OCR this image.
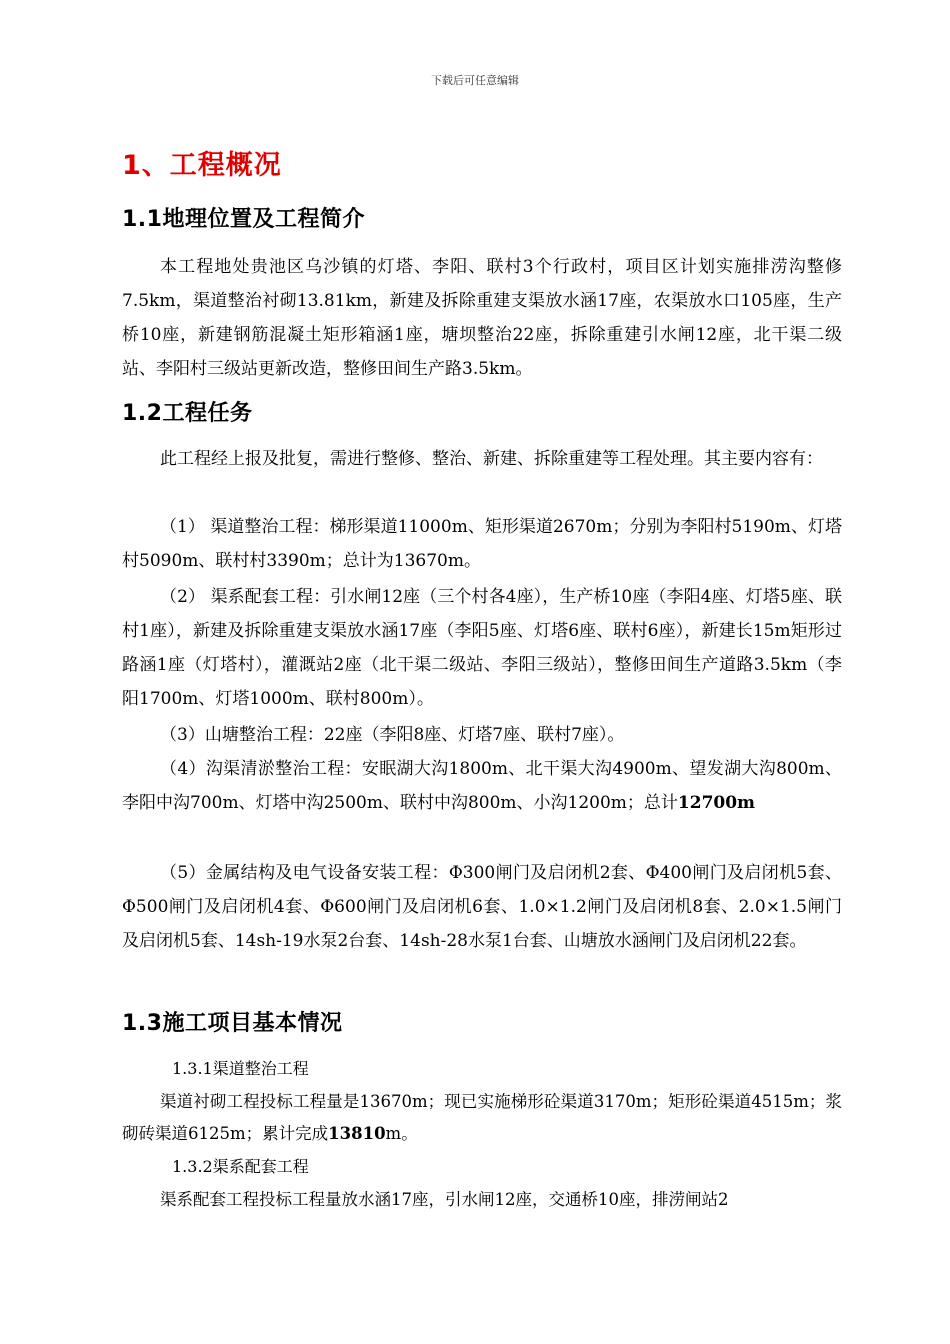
下载后可任意编辑
1、工程概况
1.1地理位置及工程简介

本工程地处贵池区乌沙镇的灯塔、李阳、联村3个行政村，项目区计划实施排涝沟整修7.5km，渠道整治衬砌13.81km，新建及拆除重建支渠放水涵17座，农渠放水口105座，生产桥10座，新建钢筋混凝土矩形箱涵1座，塘坝整治22座，拆除重建引水闸12座，北干渠二级站、李阳村三级站更新改造，整修田间生产路3.5km。

1.2工程任务

此工程经上报及批复，需进行整修、整治、新建、拆除重建等工程处理。其主要内容有：

（1） 渠道整治工程：梯形渠道11000m、矩形渠道2670m；分别为李阳村5190m、灯塔村5090m、联村村3390m；总计为13670m。

（2） 渠系配套工程：引水闸12座（三个村各4座），生产桥10座（李阳4座、灯塔5座、联村1座），新建及拆除重建支渠放水涵17座（李阳5座、灯塔6座、联村6座），新建长15m矩形过路涵1座（灯塔村），灌溉站2座（北干渠二级站、李阳三级站），整修田间生产道路3.5km（李阳1700m、灯塔1000m、联村800m）。

（3）山塘整治工程：22座（李阳8座、灯塔7座、联村7座）。

（4）沟渠清淤整治工程：安眠湖大沟1800m、北干渠大沟4900m、望发湖大沟800m、李阳中沟700m、灯塔中沟2500m、联村中沟800m、小沟1200m；总计12700m

（5）金属结构及电气设备安装工程：Φ300闸门及启闭机2套、Φ400闸门及启闭机5套、Φ500闸门及启闭机4套、Φ600闸门及启闭机6套、1.0×1.2闸门及启闭机8套、2.0×1.5闸门及启闭机5套、14sh-19水泵2台套、14sh-28水泵1台套、山塘放水涵闸门及启闭机22套。

1.3施工项目基本情况
1.3.1渠道整治工程

渠道衬砌工程投标工程量是13670m；现已实施梯形砼渠道3170m；矩形砼渠道4515m；浆砌砖渠道6125m；累计完成13810m。

1.3.2渠系配套工程

渠系配套工程投标工程量放水涵17座，引水闸12座，交通桥10座，排涝闸站2
